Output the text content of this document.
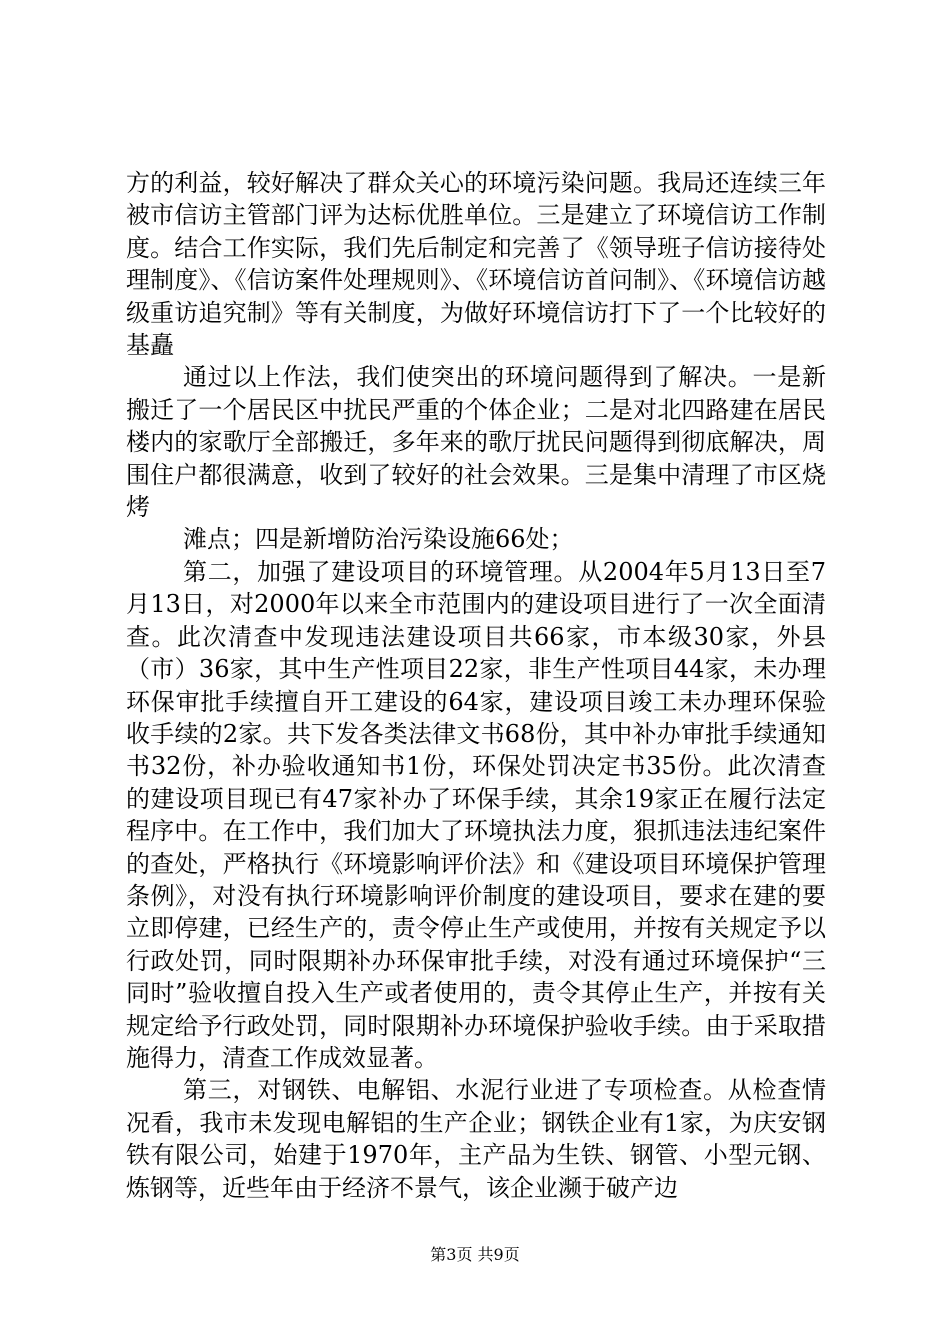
方的利益，较好解决了群众关心的环境污染问题。我局还连续三年被市信访主管部门评为达标优胜单位。三是建立了环境信访工作制度。结合工作实际，我们先后制定和完善了《领导班子信访接待处理制度》、《信访案件处理规则》、《环境信访首问制》、《环境信访越级重访追究制》等有关制度，为做好环境信访打下了一个比较好的基矗

通过以上作法，我们使突出的环境问题得到了解决。一是新搬迁了一个居民区中扰民严重的个体企业；二是对北四路建在居民楼内的家歌厅全部搬迁，多年来的歌厅扰民问题得到彻底解决，周围住户都很满意，收到了较好的社会效果。三是集中清理了市区烧烤

滩点；四是新增防治污染设施66处；

第二，加强了建设项目的环境管理。从2004年5月13日至7月13日，对2000年以来全市范围内的建设项目进行了一次全面清查。此次清查中发现违法建设项目共66家，市本级30家，外县（市）36家，其中生产性项目22家，非生产性项目44家，未办理环保审批手续擅自开工建设的64家，建设项目竣工未办理环保验收手续的2家。共下发各类法律文书68份，其中补办审批手续通知书32份，补办验收通知书1份，环保处罚决定书35份。此次清查的建设项目现已有47家补办了环保手续，其余19家正在履行法定程序中。在工作中，我们加大了环境执法力度，狠抓违法违纪案件的查处，严格执行《环境影响评价法》和《建设项目环境保护管理条例》，对没有执行环境影响评价制度的建设项目，要求在建的要立即停建，已经生产的，责令停止生产或使用，并按有关规定予以行政处罚，同时限期补办环保审批手续，对没有通过环境保护“三同时”验收擅自投入生产或者使用的，责令其停止生产，并按有关规定给予行政处罚，同时限期补办环境保护验收手续。由于采取措施得力，清查工作成效显著。

第三，对钢铁、电解铝、水泥行业进了专项检查。从检查情况看，我市未发现电解铝的生产企业；钢铁企业有1家，为庆安钢铁有限公司，始建于1970年，主产品为生铁、钢管、小型元钢、炼钢等，近些年由于经济不景气，该企业濒于破产边

第3页 共9页
